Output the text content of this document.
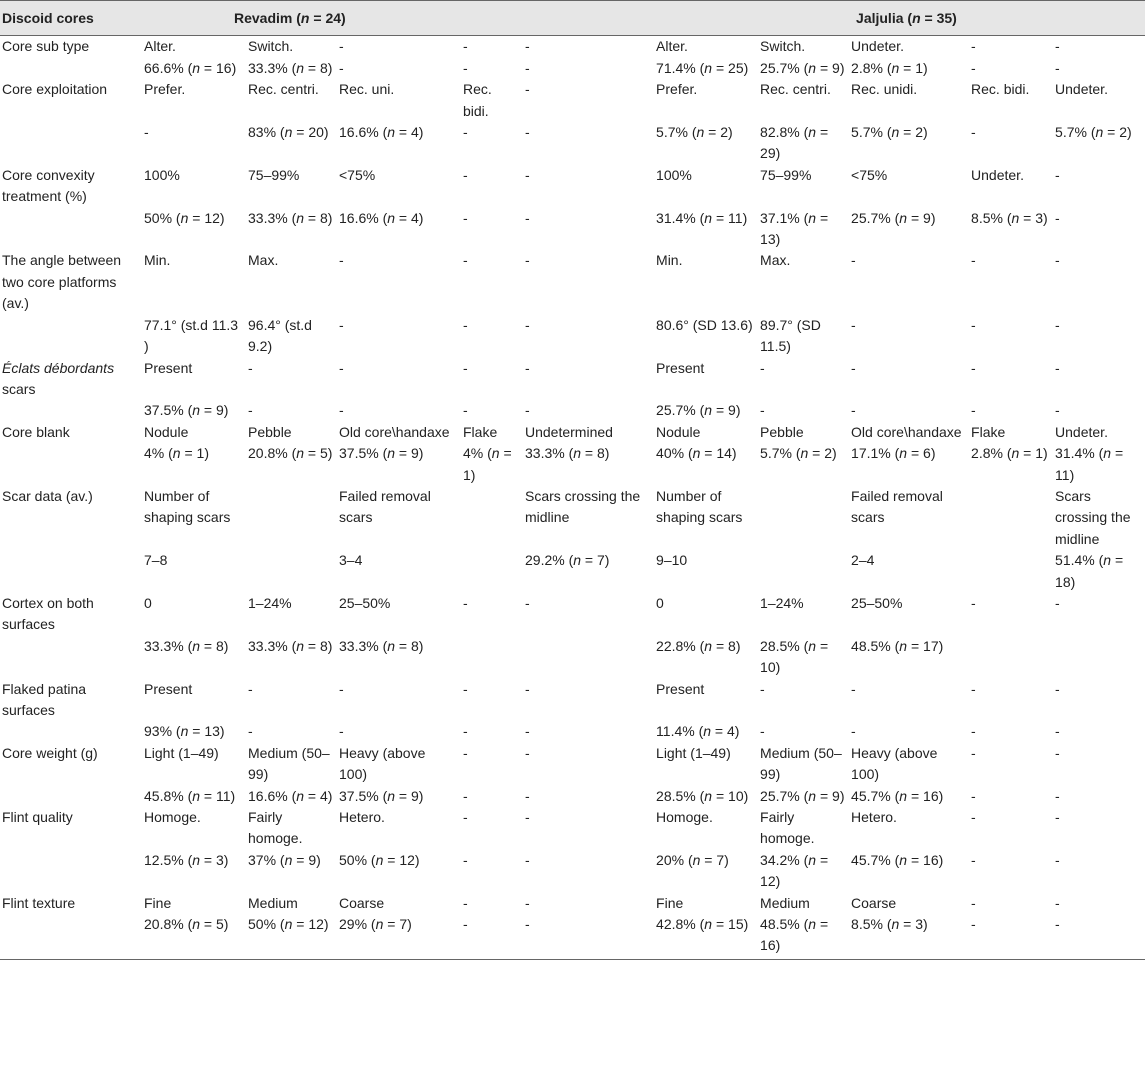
Discoid cores	Revadim (n = 24)					Jaljulia (n = 35)				
Core sub type	Alter.	Switch.	-	-	-	Alter.	Switch.	Undeter.	-	-
	66.6% (n = 16)	33.3% (n = 8)	-	-	-	71.4% (n = 25)	25.7% (n = 9)	2.8% (n = 1)	-	-
Core exploitation	Prefer.	Rec. centri.	Rec. uni.	Rec. bidi.	-	Prefer.	Rec. centri.	Rec. unidi.	Rec. bidi.	Undeter.
	-	83% (n = 20)	16.6% (n = 4)	-	-	5.7% (n = 2)	82.8% (n = 29)	5.7% (n = 2)	-	5.7% (n = 2)
Core convexity treatment (%)	100%	75–99%	<75%	-	-	100%	75–99%	<75%	Undeter.	-
	50% (n = 12)	33.3% (n = 8)	16.6% (n = 4)	-	-	31.4% (n = 11)	37.1% (n = 13)	25.7% (n = 9)	8.5% (n = 3)	-
The angle between two core platforms (av.)	Min.	Max.	-	-	-	Min.	Max.	-	-	-
	77.1° (st.d 11.3 )	96.4° (st.d 9.2)	-	-	-	80.6° (SD 13.6)	89.7° (SD 11.5)	-	-	-
Éclats débordants scars	Present	-	-	-	-	Present	-	-	-	-
	37.5% (n = 9)	-	-	-	-	25.7% (n = 9)	-	-	-	-
Core blank	Nodule	Pebble	Old core\handaxe	Flake	Undetermined	Nodule	Pebble	Old core\handaxe	Flake	Undeter.
	4% (n = 1)	20.8% (n = 5)	37.5% (n = 9)	4% (n = 1)	33.3% (n = 8)	40% (n = 14)	5.7% (n = 2)	17.1% (n = 6)	2.8% (n = 1)	31.4% (n = 11)
Scar data (av.)	Number of shaping scars		Failed removal scars		Scars crossing the midline	Number of shaping scars		Failed removal scars		Scars crossing the midline
	7–8		3–4		29.2% (n = 7)	9–10		2–4		51.4% (n = 18)
Cortex on both surfaces	0	1–24%	25–50%	-	-	0	1–24%	25–50%	-	-
	33.3% (n = 8)	33.3% (n = 8)	33.3% (n = 8)			22.8% (n = 8)	28.5% (n = 10)	48.5% (n = 17)		
Flaked patina surfaces	Present	-	-	-	-	Present	-	-	-	-
	93% (n = 13)	-	-	-	-	11.4% (n = 4)	-	-	-	-
Core weight (g)	Light (1–49)	Medium (50–99)	Heavy (above 100)	-	-	Light (1–49)	Medium (50–99)	Heavy (above 100)	-	-
	45.8% (n = 11)	16.6% (n = 4)	37.5% (n = 9)	-	-	28.5% (n = 10)	25.7% (n = 9)	45.7% (n = 16)	-	-
Flint quality	Homoge.	Fairly homoge.	Hetero.	-	-	Homoge.	Fairly homoge.	Hetero.	-	-
	12.5% (n = 3)	37% (n = 9)	50% (n = 12)	-	-	20% (n = 7)	34.2% (n = 12)	45.7% (n = 16)	-	-
Flint texture	Fine	Medium	Coarse	-	-	Fine	Medium	Coarse	-	-
	20.8% (n = 5)	50% (n = 12)	29% (n = 7)	-	-	42.8% (n = 15)	48.5% (n = 16)	8.5% (n = 3)	-	-
